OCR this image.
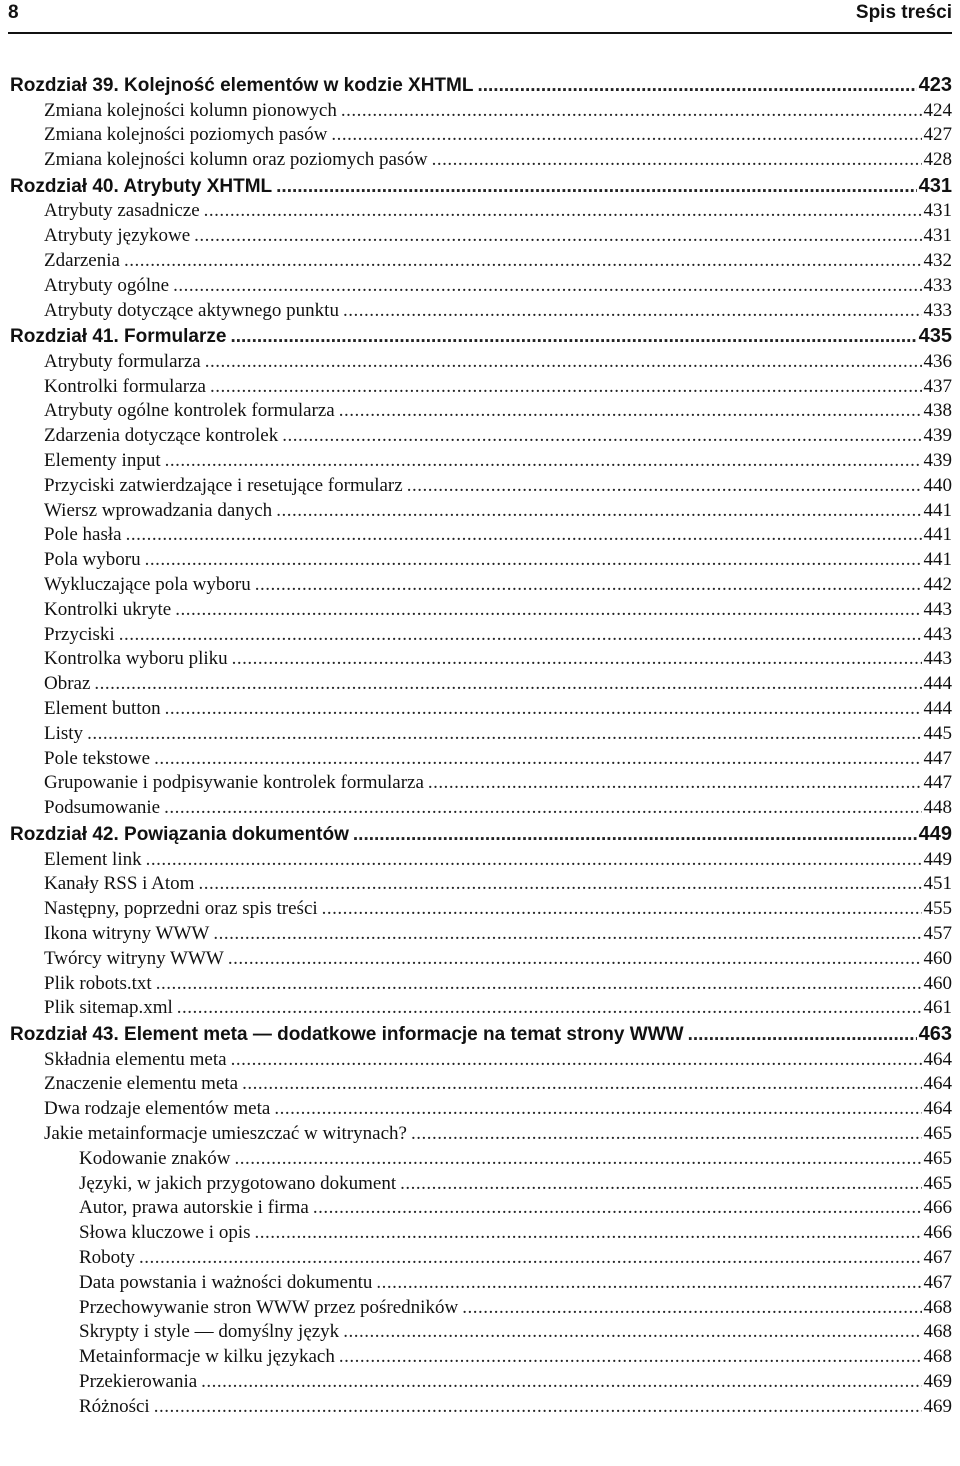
8	Spis treści
Rozdział 39. Kolejność elementów w kodzie XHTML .....	423
Zmiana kolejności kolumn pionowych .....	424
Zmiana kolejności poziomych pasów .....	427
Zmiana kolejności kolumn oraz poziomych pasów .....	428
Rozdział 40. Atrybuty XHTML .....	431
Atrybuty zasadnicze .....	431
Atrybuty językowe .....	431
Zdarzenia .....	432
Atrybuty ogólne .....	433
Atrybuty dotyczące aktywnego punktu .....	433
Rozdział 41. Formularze .....	435
Atrybuty formularza .....	436
Kontrolki formularza .....	437
Atrybuty ogólne kontrolek formularza .....	438
Zdarzenia dotyczące kontrolek .....	439
Elementy input .....	439
Przyciski zatwierdzające i resetujące formularz .....	440
Wiersz wprowadzania danych .....	441
Pole hasła .....	441
Pola wyboru .....	441
Wykluczające pola wyboru .....	442
Kontrolki ukryte .....	443
Przyciski .....	443
Kontrolka wyboru pliku .....	443
Obraz .....	444
Element button .....	444
Listy .....	445
Pole tekstowe .....	447
Grupowanie i podpisywanie kontrolek formularza .....	447
Podsumowanie .....	448
Rozdział 42. Powiązania dokumentów .....	449
Element link .....	449
Kanały RSS i Atom .....	451
Następny, poprzedni oraz spis treści .....	455
Ikona witryny WWW .....	457
Twórcy witryny WWW .....	460
Plik robots.txt .....	460
Plik sitemap.xml .....	461
Rozdział 43. Element meta — dodatkowe informacje na temat strony WWW .....	463
Składnia elementu meta .....	464
Znaczenie elementu meta .....	464
Dwa rodzaje elementów meta .....	464
Jakie metainformacje umieszczać w witrynach? .....	465
Kodowanie znaków .....	465
Języki, w jakich przygotowano dokument .....	465
Autor, prawa autorskie i firma .....	466
Słowa kluczowe i opis .....	466
Roboty .....	467
Data powstania i ważności dokumentu .....	467
Przechowywanie stron WWW przez pośredników .....	468
Skrypty i style — domyślny język .....	468
Metainformacje w kilku językach .....	468
Przekierowania .....	469
Różności .....	469
